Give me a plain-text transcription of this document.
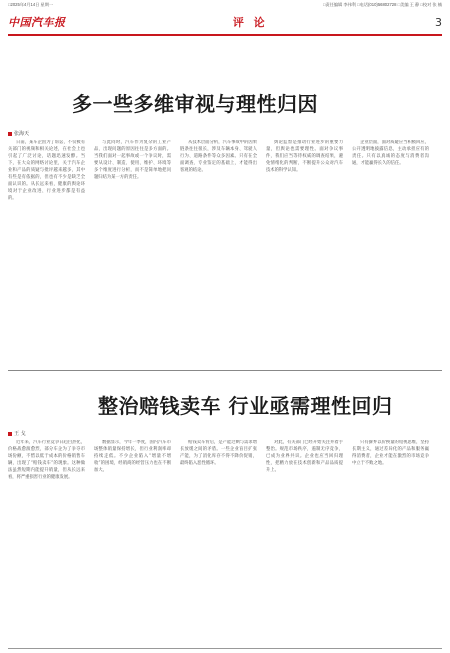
□2025年4月14日 星期一	□责任编辑 李伟利 □电话(010)56802728 □美编 王 静 □校对 张 楠
中国汽车报	评 论	3
多一些多维审视与理性归因
张海天

日前，某车企因为了诉讼，不仅被有关部门的视频和相关论述，在社会上也引起了广泛讨论，话题迅速发酵。当下，在大众的网络讨论里，关于汽车企业和产品的质疑与批评越来越多，其中有些是有依据的，但也有不少是缺乏全面认识的。从长远来看，健康的舆论环境对于企业改进、行业进步都是有益的。

与此同时，汽车作为复杂的工业产品，出现问题的原因往往是多方面的。当我们面对一起事故或一个争议时，需要从设计、制造、使用、维护、环境等多个维度进行分析，而不是简单地把问题归结为某一方的责任。

从技术层面分析，汽车事故中的因果链条往往很长，涉及车辆本身、驾驶人行为、道路条件等众多因素。只有在全面调查、专业鉴定的基础上，才能得出客观的结论。

舆论监督是推动行业进步的重要力量，但舆论也需要理性。面对争议事件，我们应当等待权威的调查结果，避免情绪化的判断，不断提升公众对汽车技术的科学认知。

企业层面，面对质疑应当积极回应，公开透明地披露信息，主动承担应有的责任。只有以真诚的态度与消费者沟通，才能赢得长久的信任。

整治赔钱卖车 行业亟需理性回归
王 戈

近年来，汽车行业竞争日趋白热化，价格战愈演愈烈，部分车企为了争夺市场份额，不惜以低于成本的价格销售车辆，出现了“赔钱卖车”的现象。这种做法虽然短期内能提升销量，但从长远来看，将严重损害行业的健康发展。

数据显示，今年一季度，国内汽车市场整体销量保持增长，但行业利润率却持续走低。不少企业陷入“增量不增收”的困境，经销商的经营压力也在不断加大。

赔钱卖车背后，是产能过剩与需求增长放缓之间的矛盾。一些企业盲目扩张产能，为了消化库存不得不降价促销，最终陷入恶性循环。

对此，有关部门已经开始关注并着手整治。规范市场秩序，遏制无序竞争，已成为业界共识。企业也应当回归理性，把精力放在技术创新和产品品质提升上。

只有摒弃以价换量的短视思维，坚持长期主义，通过差异化的产品和服务赢得消费者，企业才能在激烈的市场竞争中立于不败之地。
